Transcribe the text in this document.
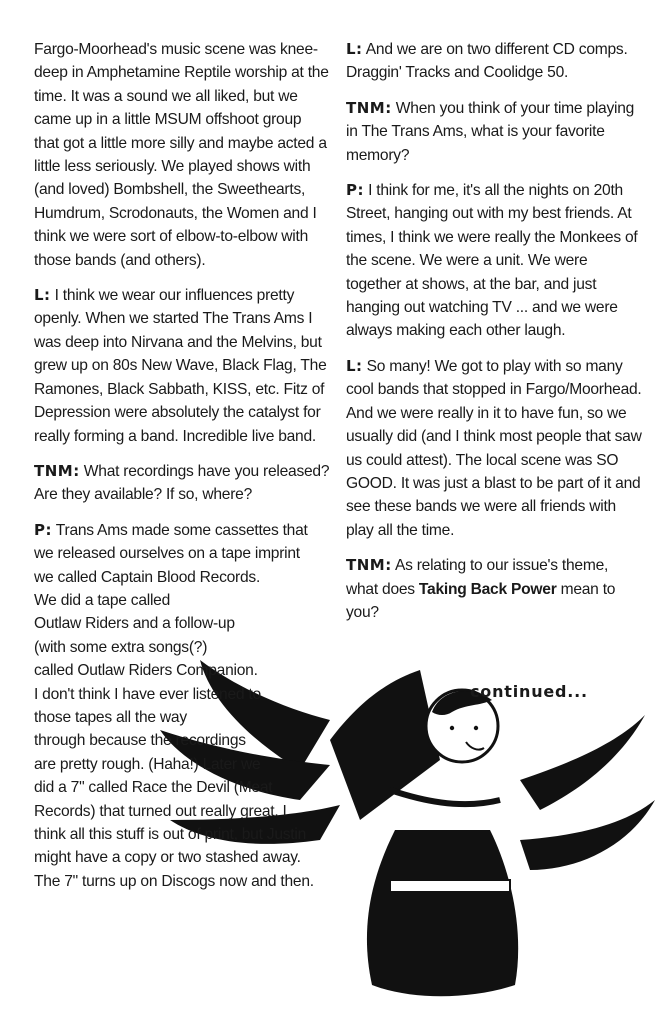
Fargo-Moorhead's music scene was knee-deep in Amphetamine Reptile worship at the time. It was a sound we all liked, but we came up in a little MSUM offshoot group that got a little more silly and maybe acted a little less seriously. We played shows with (and loved) Bombshell, the Sweethearts, Humdrum, Scrodonauts, the Women and I think we were sort of elbow-to-elbow with those bands (and others).

L: I think we wear our influences pretty openly. When we started The Trans Ams I was deep into Nirvana and the Melvins, but grew up on 80s New Wave, Black Flag, The Ramones, Black Sabbath, KISS, etc. Fitz of Depression were absolutely the catalyst for really forming a band. Incredible live band.

TNM: What recordings have you released? Are they available? If so, where?

P: Trans Ams made some cassettes that
we released ourselves on a tape imprint
we called Captain Blood Records.
We did a tape called
Outlaw Riders and a follow-up
(with some extra songs(?)
called Outlaw Riders Companion.
I don't think I have ever listened to
those tapes all the way
through because the recordings
are pretty rough. (Haha!) Later we
did a 7" called Race the Devil (Meat
Records) that turned out really great. I
think all this stuff is out of print, but Justin
might have a copy or two stashed away.
The 7" turns up on Discogs now and then.

L: And we are on two different CD comps. Draggin' Tracks and Coolidge 50.

TNM: When you think of your time playing in The Trans Ams, what is your favorite memory?

P: I think for me, it's all the nights on 20th Street, hanging out with my best friends. At times, I think we were really the Monkees of the scene. We were a unit. We were together at shows, at the bar, and just hanging out watching TV ... and we were always making each other laugh.

L: So many! We got to play with so many cool bands that stopped in Fargo/Moorhead. And we were really in it to have fun, so we usually did (and I think most people that saw us could attest). The local scene was SO GOOD. It was just a blast to be part of it and see these bands we were all friends with play all the time.

TNM: As relating to our issue's theme, what does Taking Back Power mean to you?

continued...
